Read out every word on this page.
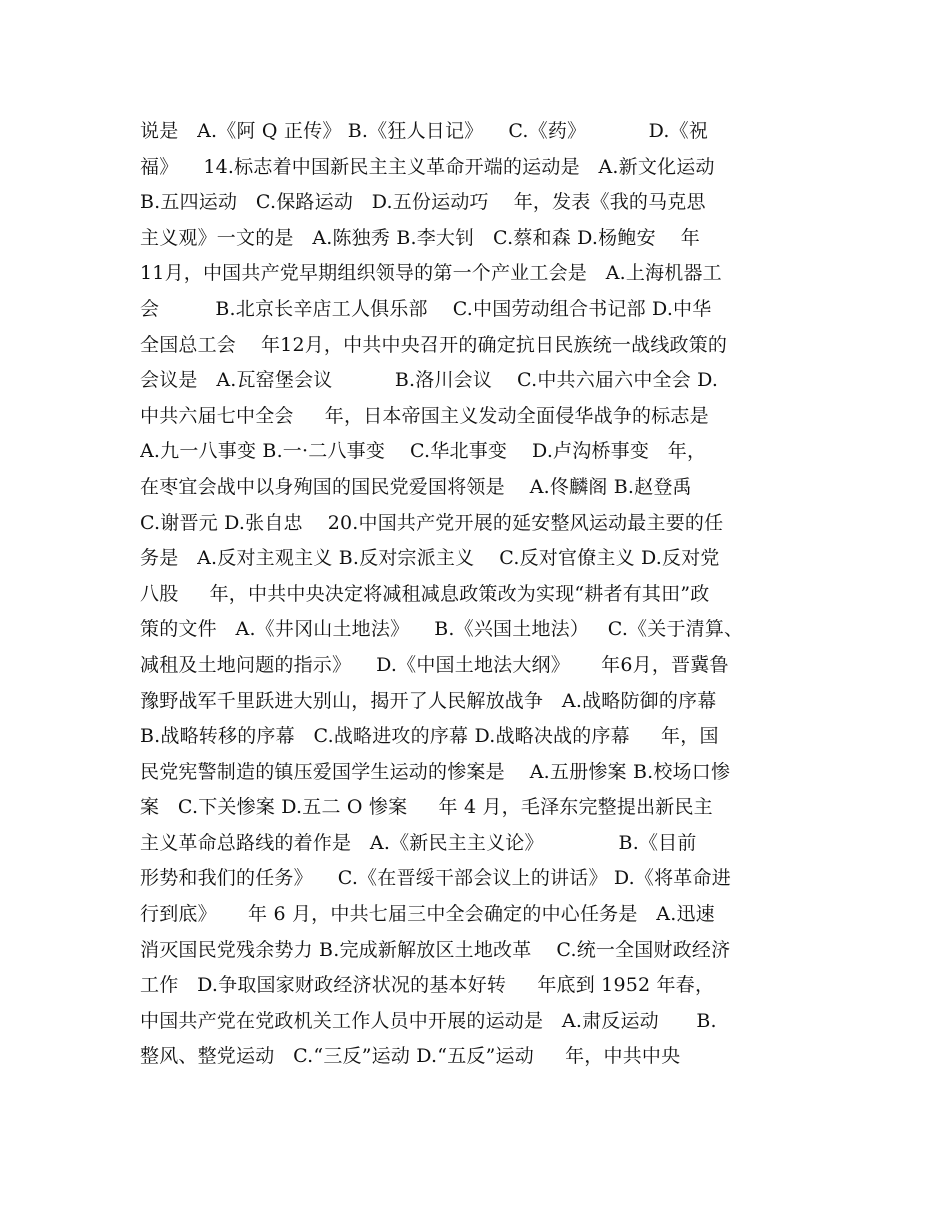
说是   A.《阿 Q 正传》 B.《狂人日记》    C.《药》          D.《祝
福》    14.标志着中国新民主主义革命开端的运动是   A.新文化运动
B.五四运动   C.保路运动   D.五份运动巧    年，发表《我的马克思
主义观》一文的是   A.陈独秀 B.李大钊   C.蔡和森 D.杨鲍安    年
11月，中国共产党早期组织领导的第一个产业工会是   A.上海机器工
会         B.北京长辛店工人俱乐部    C.中国劳动组合书记部 D.中华
全国总工会    年12月，中共中央召开的确定抗日民族统一战线政策的
会议是   A.瓦窑堡会议          B.洛川会议    C.中共六届六中全会 D.
中共六届七中全会     年，日本帝国主义发动全面侵华战争的标志是
A.九一八事变 B.一·二八事变    C.华北事变    D.卢沟桥事变   年，
在枣宜会战中以身殉国的国民党爱国将领是    A.佟麟阁 B.赵登禹
C.谢晋元 D.张自忠    20.中国共产党开展的延安整风运动最主要的任
务是   A.反对主观主义 B.反对宗派主义    C.反对官僚主义 D.反对党
八股     年，中共中央决定将减租减息政策改为实现“耕者有其田”政
策的文件   A.《井冈山土地法》    B.《兴国土地法）   C.《关于清算、
减租及土地问题的指示》    D.《中国土地法大纲》     年6月，晋冀鲁
豫野战军千里跃进大别山，揭开了人民解放战争   A.战略防御的序幕
B.战略转移的序幕   C.战略进攻的序幕 D.战略决战的序幕     年，国
民党宪警制造的镇压爱国学生运动的惨案是    A.五册惨案 B.校场口惨
案   C.下关惨案 D.五二 O 惨案     年 4 月，毛泽东完整提出新民主
主义革命总路线的着作是   A.《新民主主义论》            B.《目前
形势和我们的任务》    C.《在晋绥干部会议上的讲话》 D.《将革命进
行到底》     年 6 月，中共七届三中全会确定的中心任务是   A.迅速
消灭国民党残余势力 B.完成新解放区土地改革    C.统一全国财政经济
工作   D.争取国家财政经济状况的基本好转     年底到 1952 年春，
中国共产党在党政机关工作人员中开展的运动是   A.肃反运动      B.
整风、整党运动   C.“三反”运动 D.“五反”运动     年，中共中央
